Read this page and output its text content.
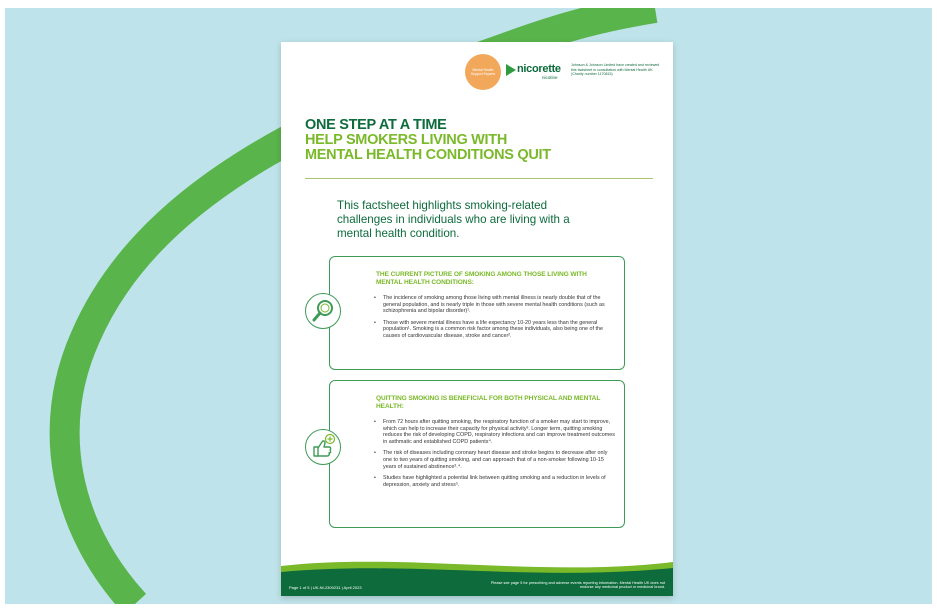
Mental Health Support Experts nicorette
nicotine
Johnson & Johnson Limited have created and reviewed this factsheet in consultation with Mental Health UK (Charity number 1170815)
ONE STEP AT A TIME
HELP SMOKERS LIVING WITH MENTAL HEALTH CONDITIONS QUIT
This factsheet highlights smoking-related challenges in individuals who are living with a mental health condition.
THE CURRENT PICTURE OF SMOKING AMONG THOSE LIVING WITH MENTAL HEALTH CONDITIONS:
• The incidence of smoking among those living with mental illness is nearly double that of the general population, and is nearly triple in those with severe mental health conditions (such as schizophrenia and bipolar disorder)¹.
• Those with severe mental illness have a life expectancy 10-20 years less than the general population¹. Smoking is a common risk factor among these individuals, also being one of the causes of cardiovascular disease, stroke and cancer².
QUITTING SMOKING IS BENEFICIAL FOR BOTH PHYSICAL AND MENTAL HEALTH:
• From 72 hours after quitting smoking, the respiratory function of a smoker may start to improve, which can help to increase their capacity for physical activity³. Longer term, quitting smoking reduces the risk of developing COPD, respiratory infections and can improve treatment outcomes in asthmatic and established COPD patients⁴.
• The risk of diseases including coronary heart disease and stroke begins to decrease after only one to two years of quitting smoking, and can approach that of a non-smoker following 10-15 years of sustained abstinence³˒⁴.
• Studies have highlighted a potential link between quitting smoking and a reduction in levels of depression, anxiety and stress⁵.
Page 1 of 5 | UK-NI-2300231 | April 2023
Please see page 5 for prescribing and adverse events reporting information. Mental Health UK does not endorse any medicinal product or medicinal brand.
